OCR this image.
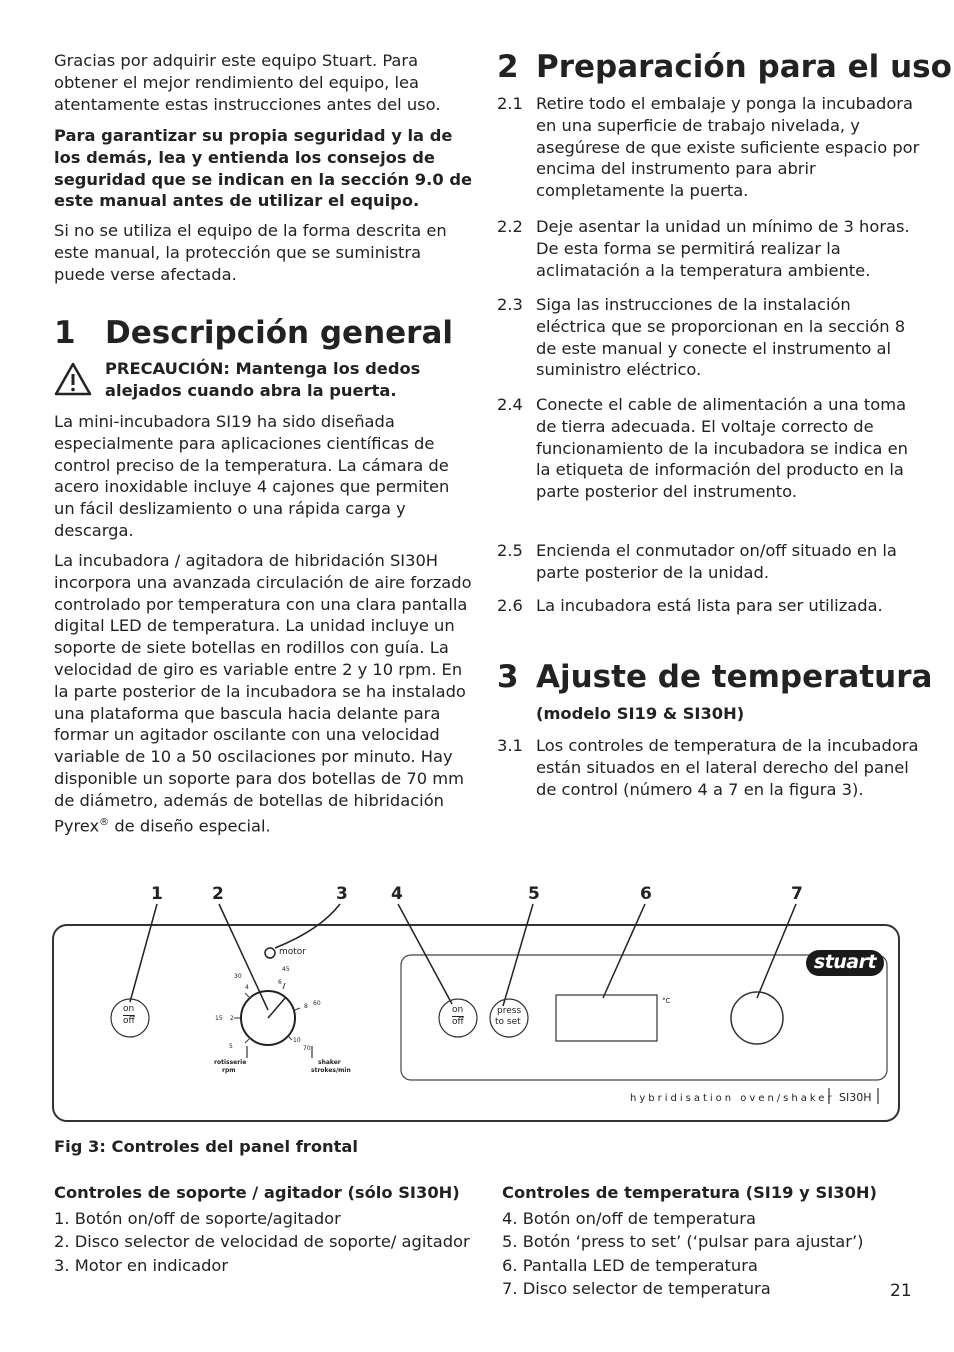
Gracias por adquirir este equipo Stuart. Para obtener el mejor rendimiento del equipo, lea atentamente estas instrucciones antes del uso.

Para garantizar su propia seguridad y la de los demás, lea y entienda los consejos de seguridad que se indican en la sección 9.0 de este manual antes de utilizar el equipo.

Si no se utiliza el equipo de la forma descrita en este manual, la protección que se suministra puede verse afectada.

1 Descripción general

PRECAUCIÓN: Mantenga los dedos alejados cuando abra la puerta.

La mini-incubadora SI19 ha sido diseñada especialmente para aplicaciones científicas de control preciso de la temperatura. La cámara de acero inoxidable incluye 4 cajones que permiten un fácil deslizamiento o una rápida carga y descarga.

La incubadora / agitadora de hibridación SI30H incorpora una avanzada circulación de aire forzado controlado por temperatura con una clara pantalla digital LED de temperatura. La unidad incluye un soporte de siete botellas en rodillos con guía. La velocidad de giro es variable entre 2 y 10 rpm. En la parte posterior de la incubadora se ha instalado una plataforma que bascula hacia delante para formar un agitador oscilante con una velocidad variable de 10 a 50 oscilaciones por minuto. Hay disponible un soporte para dos botellas de 70 mm de diámetro, además de botellas de hibridación Pyrex® de diseño especial.

2 Preparación para el uso
2.1 Retire todo el embalaje y ponga la incubadora en una superficie de trabajo nivelada, y asegúrese de que existe suficiente espacio por encima del instrumento para abrir completamente la puerta.

2.2 Deje asentar la unidad un mínimo de 3 horas. De esta forma se permitirá realizar la aclimatación a la temperatura ambiente.

2.3 Siga las instrucciones de la instalación eléctrica que se proporcionan en la sección 8 de este manual y conecte el instrumento al suministro eléctrico.

2.4 Conecte el cable de alimentación a una toma de tierra adecuada. El voltaje correcto de funcionamiento de la incubadora se indica en la etiqueta de información del producto en la parte posterior del instrumento.

2.5 Encienda el conmutador on/off situado en la parte posterior de la unidad.

2.6 La incubadora está lista para ser utilizada.

3 Ajuste de temperatura

(modelo SI19 & SI30H)

3.1 Los controles de temperatura de la incubadora están situados en el lateral derecho del panel de control (número 4 a 7 en la figura 3).

1	2	3	4	5	6	7
on
$\overline{off}$
motor
45
30
4
6
8 60
15 2
10
70
5
rotisserie
rpm
shaker
strokes/min
on
$\overline{off}$
press
to set
°C
stuart
hybridisation oven/shaker SI30H

Fig 3: Controles del panel frontal

Controles de soporte / agitador (sólo SI30H)

1. Botón on/off de soporte/agitador

2. Disco selector de velocidad de soporte/ agitador

3. Motor en indicador

Controles de temperatura (SI19 y SI30H)

4. Botón on/off de temperatura

5. Botón ‘press to set’ (‘pulsar para ajustar’)

6. Pantalla LED de temperatura

7. Disco selector de temperatura	21
